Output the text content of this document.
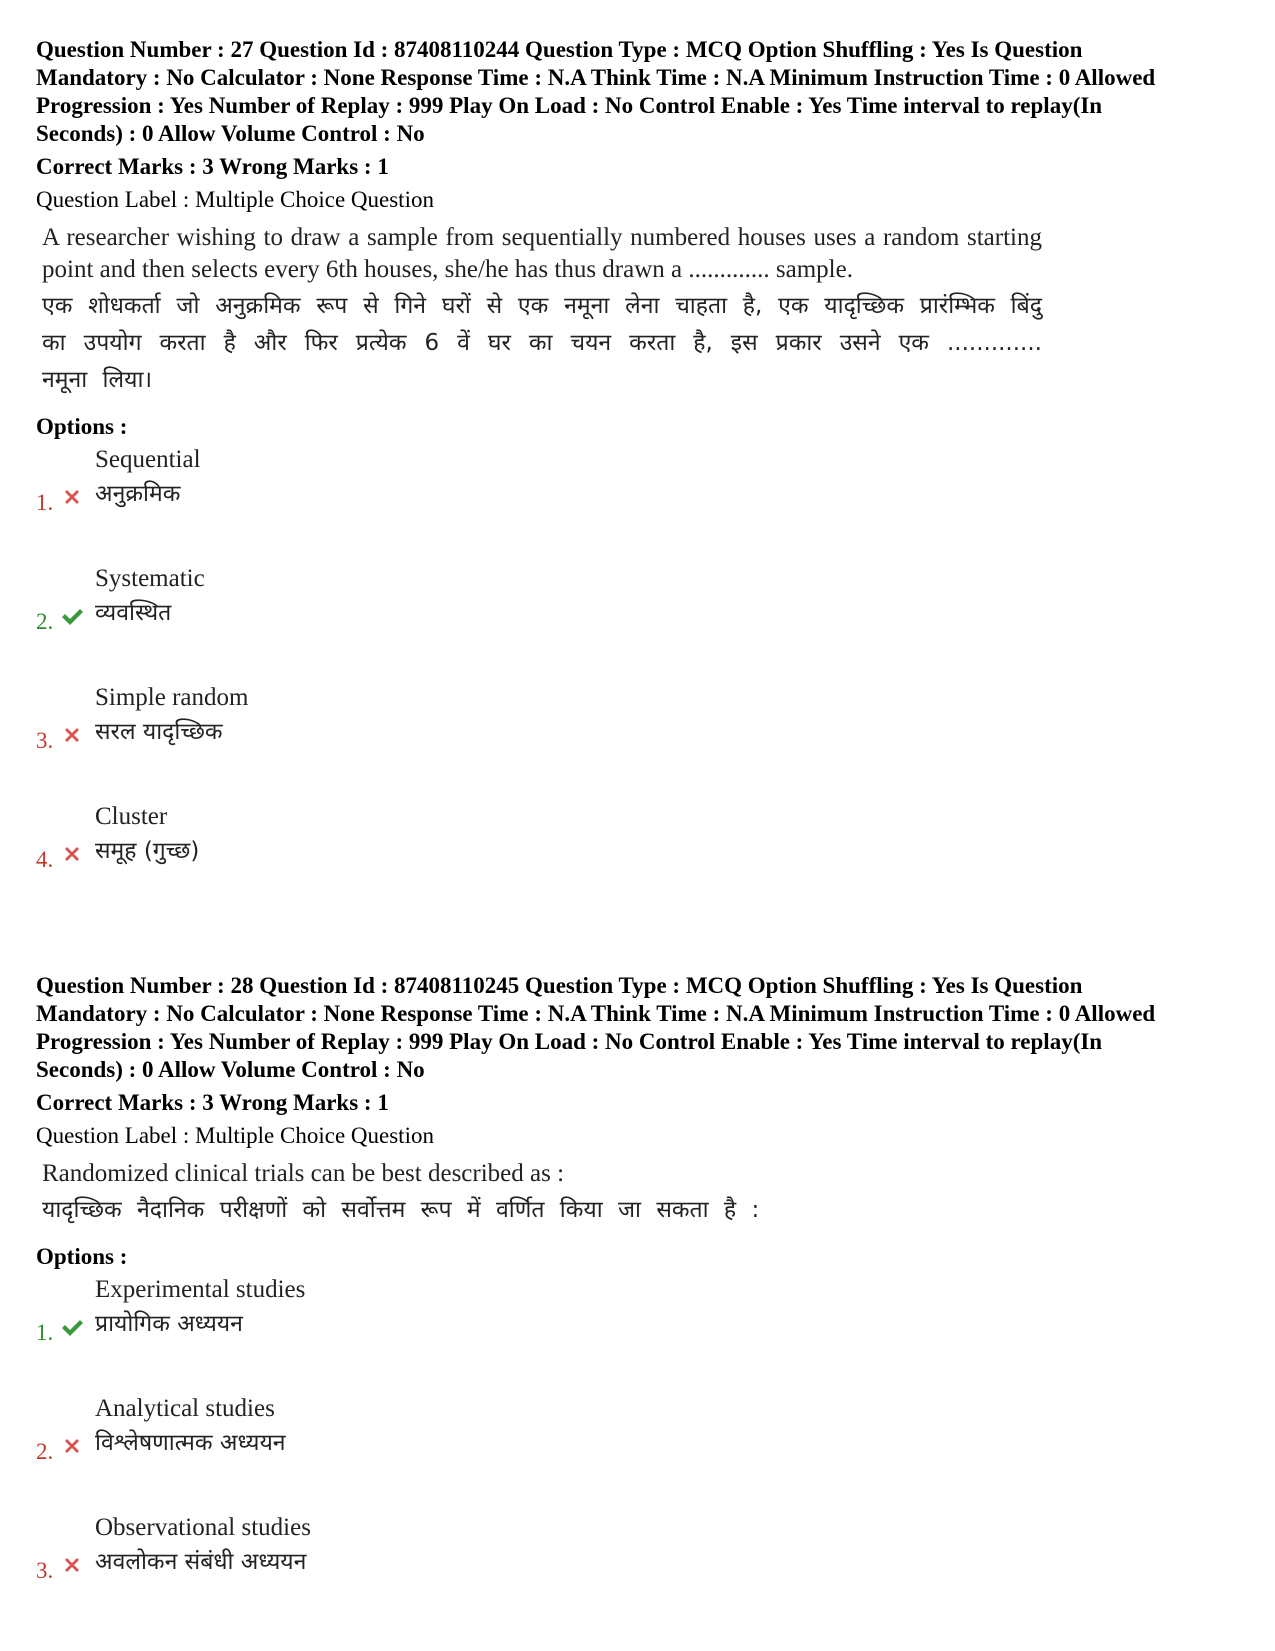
Question Number : 27 Question Id : 87408110244 Question Type : MCQ Option Shuffling : Yes Is Question Mandatory : No Calculator : None Response Time : N.A Think Time : N.A Minimum Instruction Time : 0 Allowed Progression : Yes Number of Replay : 999 Play On Load : No Control Enable : Yes Time interval to replay(In Seconds) : 0 Allow Volume Control : No
Correct Marks : 3 Wrong Marks : 1
Question Label : Multiple Choice Question
A researcher wishing to draw a sample from sequentially numbered houses uses a random starting point and then selects every 6th houses, she/he has thus drawn a ............. sample.
एक शोधकर्ता जो अनुक्रमिक रूप से गिने घरों से एक नमूना लेना चाहता है, एक यादृच्छिक प्रारंम्भिक बिंदु का उपयोग करता है और फिर प्रत्येक 6 वें घर का चयन करता है, इस प्रकार उसने एक ............. नमूना लिया।
Options :
1.
Sequential
अनुक्रमिक
2.
Systematic
व्यवस्थित
3.
Simple random
सरल यादृच्छिक
4.
Cluster
समूह (गुच्छ)
Question Number : 28 Question Id : 87408110245 Question Type : MCQ Option Shuffling : Yes Is Question Mandatory : No Calculator : None Response Time : N.A Think Time : N.A Minimum Instruction Time : 0 Allowed Progression : Yes Number of Replay : 999 Play On Load : No Control Enable : Yes Time interval to replay(In Seconds) : 0 Allow Volume Control : No
Correct Marks : 3 Wrong Marks : 1
Question Label : Multiple Choice Question
Randomized clinical trials can be best described as :
यादृच्छिक नैदानिक परीक्षणों को सर्वोत्तम रूप में वर्णित किया जा सकता है :
Options :
1.
Experimental studies
प्रायोगिक अध्ययन
2.
Analytical studies
विश्लेषणात्मक अध्ययन
3.
Observational studies
अवलोकन संबंधी अध्ययन
